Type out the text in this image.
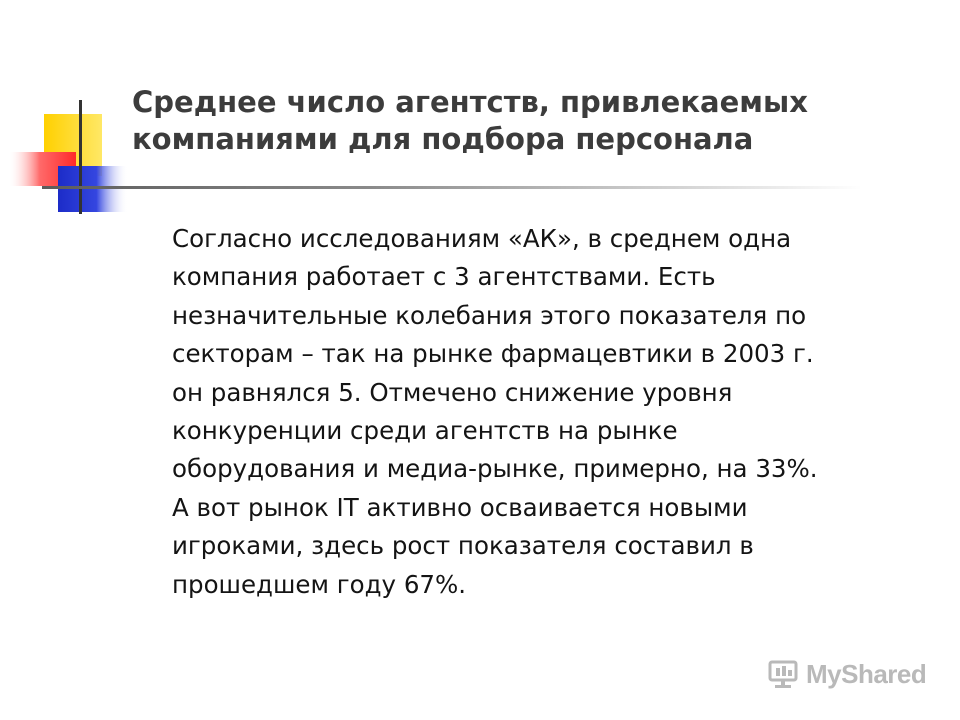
Среднее число агентств, привлекаемых
компаниями для подбора персонала
Согласно исследованиям «АК», в среднем одна
компания работает с 3 агентствами. Есть
незначительные колебания этого показателя по
секторам – так на рынке фармацевтики в 2003 г.
он равнялся 5. Отмечено снижение уровня
конкуренции среди агентств на рынке
оборудования и медиа-рынке, примерно, на 33%.
А вот рынок IT активно осваивается новыми
игроками, здесь рост показателя составил в
прошедшем году 67%.
MyShared
